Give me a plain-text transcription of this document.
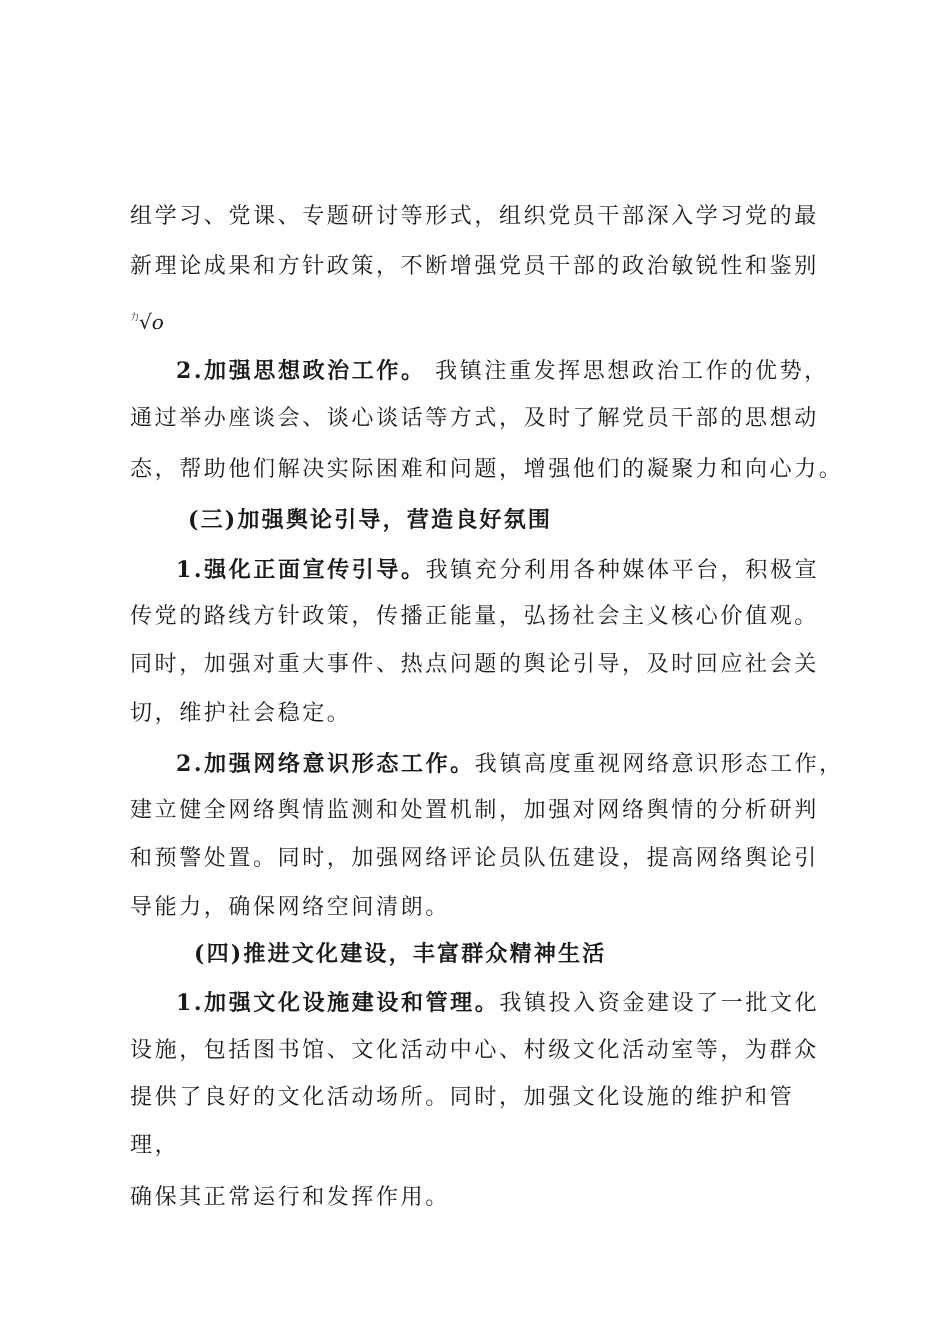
组学习、党课、专题研讨等形式，组织党员干部深入学习党的最
新理论成果和方针政策，不断增强党员干部的政治敏锐性和鉴别
$^力$√o
2.加强思想政治工作。 我镇注重发挥思想政治工作的优势，
通过举办座谈会、谈心谈话等方式，及时了解党员干部的思想动
态，帮助他们解决实际困难和问题，增强他们的凝聚力和向心力。
(三)加强舆论引导，营造良好氛围
1.强化正面宣传引导。我镇充分利用各种媒体平台，积极宣
传党的路线方针政策，传播正能量，弘扬社会主义核心价值观。
同时，加强对重大事件、热点问题的舆论引导，及时回应社会关
切，维护社会稳定。
2.加强网络意识形态工作。我镇高度重视网络意识形态工作，
建立健全网络舆情监测和处置机制，加强对网络舆情的分析研判
和预警处置。同时，加强网络评论员队伍建设，提高网络舆论引
导能力，确保网络空间清朗。
(四)推进文化建设，丰富群众精神生活
1.加强文化设施建设和管理。我镇投入资金建设了一批文化
设施，包括图书馆、文化活动中心、村级文化活动室等，为群众
提供了良好的文化活动场所。同时，加强文化设施的维护和管
理，
确保其正常运行和发挥作用。
